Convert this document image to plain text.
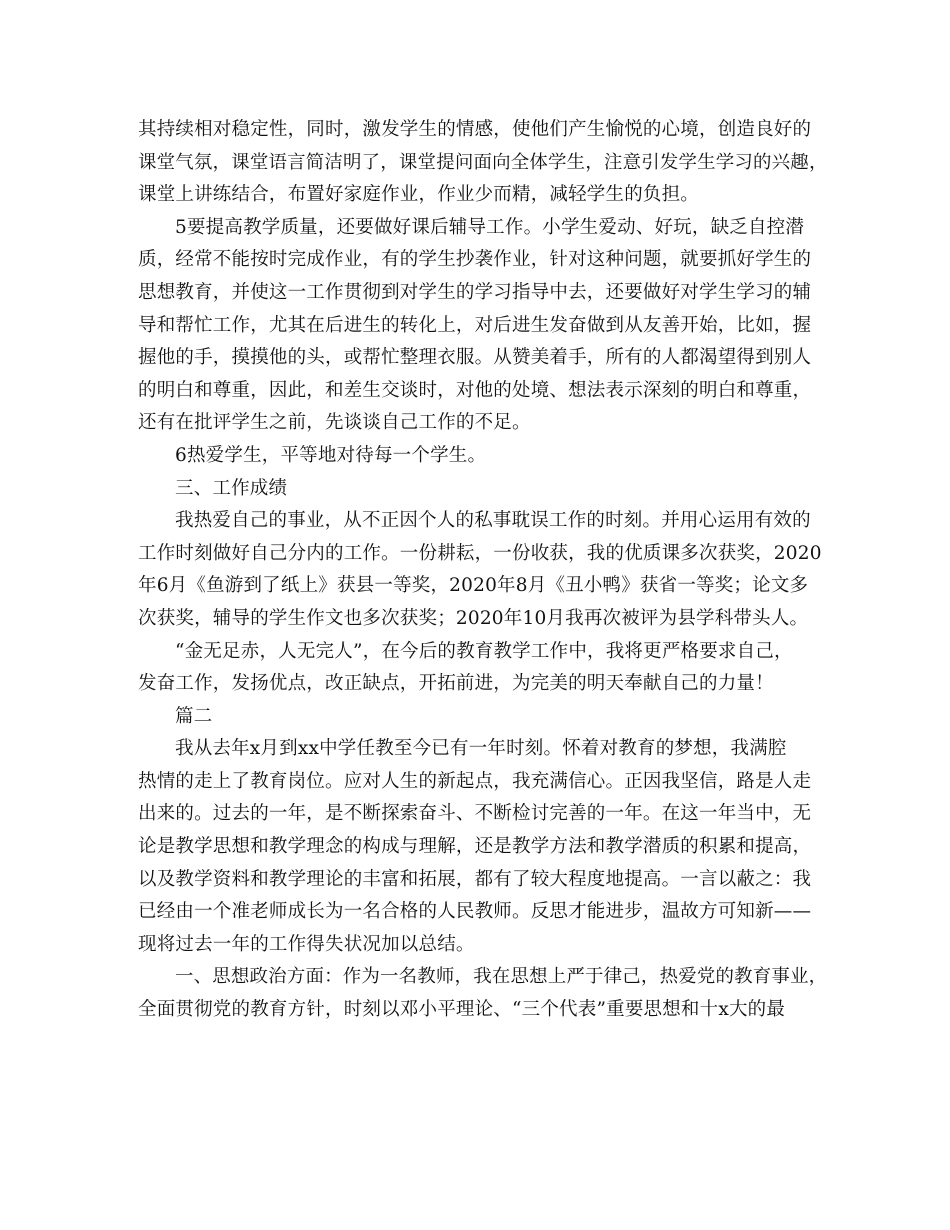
其持续相对稳定性，同时，激发学生的情感，使他们产生愉悦的心境，创造良好的
课堂气氛，课堂语言简洁明了，课堂提问面向全体学生，注意引发学生学习的兴趣，
课堂上讲练结合，布置好家庭作业，作业少而精，减轻学生的负担。
5要提高教学质量，还要做好课后辅导工作。小学生爱动、好玩，缺乏自控潜
质，经常不能按时完成作业，有的学生抄袭作业，针对这种问题，就要抓好学生的
思想教育，并使这一工作贯彻到对学生的学习指导中去，还要做好对学生学习的辅
导和帮忙工作，尤其在后进生的转化上，对后进生发奋做到从友善开始，比如，握
握他的手，摸摸他的头，或帮忙整理衣服。从赞美着手，所有的人都渴望得到别人
的明白和尊重，因此，和差生交谈时，对他的处境、想法表示深刻的明白和尊重，
还有在批评学生之前，先谈谈自己工作的不足。
6热爱学生，平等地对待每一个学生。
三、工作成绩
我热爱自己的事业，从不正因个人的私事耽误工作的时刻。并用心运用有效的
工作时刻做好自己分内的工作。一份耕耘，一份收获，我的优质课多次获奖，2020
年6月《鱼游到了纸上》获县一等奖，2020年8月《丑小鸭》获省一等奖；论文多
次获奖，辅导的学生作文也多次获奖；2020年10月我再次被评为县学科带头人。
“金无足赤，人无完人”，在今后的教育教学工作中，我将更严格要求自己，
发奋工作，发扬优点，改正缺点，开拓前进，为完美的明天奉献自己的力量！
篇二
我从去年x月到xx中学任教至今已有一年时刻。怀着对教育的梦想，我满腔
热情的走上了教育岗位。应对人生的新起点，我充满信心。正因我坚信，路是人走
出来的。过去的一年，是不断探索奋斗、不断检讨完善的一年。在这一年当中，无
论是教学思想和教学理念的构成与理解，还是教学方法和教学潜质的积累和提高，
以及教学资料和教学理论的丰富和拓展，都有了较大程度地提高。一言以蔽之：我
已经由一个准老师成长为一名合格的人民教师。反思才能进步，温故方可知新——
现将过去一年的工作得失状况加以总结。
一、思想政治方面：作为一名教师，我在思想上严于律己，热爱党的教育事业，
全面贯彻党的教育方针，时刻以邓小平理论、“三个代表”重要思想和十x大的最
